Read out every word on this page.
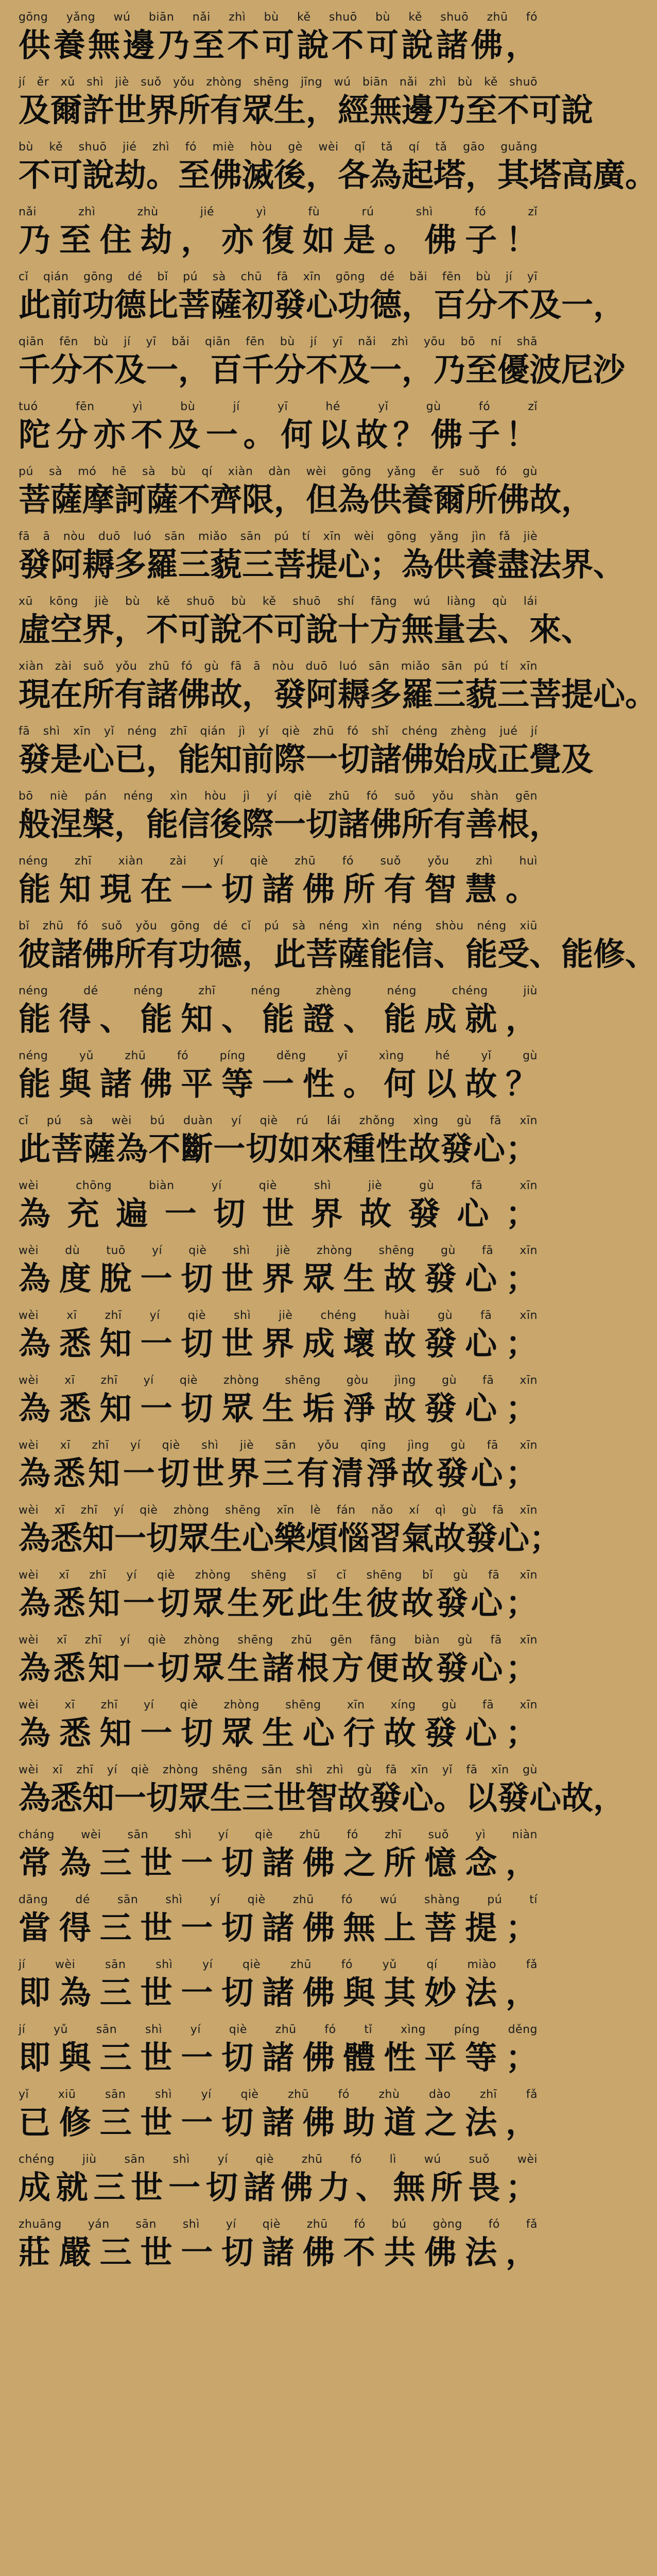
gōng yǎng wú biān nǎi zhì bù kě shuō bù kě shuō zhū fó
供養無邊乃至不可說不可說諸佛，
jí ěr xǔ shì jiè suǒ yǒu zhòng shēng jīng wú biān nǎi zhì bù kě shuō
及爾許世界所有眾生，經無邊乃至不可說
bù kě shuō jié zhì fó miè hòu gè wèi qǐ tǎ qí tǎ gāo guǎng
不可說劫。至佛滅後，各為起塔，其塔高廣。
nǎi zhì zhù jié yì fù rú shì fó zǐ
乃至住劫，亦復如是。佛子！
cǐ qián gōng dé bǐ pú sà chū fā xīn gōng dé bǎi fēn bù jí yī
此前功德比菩薩初發心功德，百分不及一，
qiān fēn bù jí yī bǎi qiān fēn bù jí yī nǎi zhì yōu bō ní shā
千分不及一，百千分不及一，乃至優波尼沙
tuó fēn yì bù jí yī hé yǐ gù fó zǐ
陀分亦不及一。何以故？佛子！
pú sà mó hē sà bù qí xiàn dàn wèi gōng yǎng ěr suǒ fó gù
菩薩摩訶薩不齊限，但為供養爾所佛故，
fā ā nòu duō luó sān miǎo sān pú tí xīn wèi gōng yǎng jìn fǎ jiè
發阿耨多羅三藐三菩提心；為供養盡法界、
xū kōng jiè bù kě shuō bù kě shuō shí fāng wú liàng qù lái
虛空界，不可說不可說十方無量去、來、
xiàn zài suǒ yǒu zhū fó gù fā ā nòu duō luó sān miǎo sān pú tí xīn
現在所有諸佛故，發阿耨多羅三藐三菩提心。
fā shì xīn yǐ néng zhī qián jì yí qiè zhū fó shǐ chéng zhèng jué jí
發是心已，能知前際一切諸佛始成正覺及
bō niè pán néng xìn hòu jì yí qiè zhū fó suǒ yǒu shàn gēn
般涅槃，能信後際一切諸佛所有善根，
néng zhī xiàn zài yí qiè zhū fó suǒ yǒu zhì huì
能知現在一切諸佛所有智慧。
bǐ zhū fó suǒ yǒu gōng dé cǐ pú sà néng xìn néng shòu néng xiū
彼諸佛所有功德，此菩薩能信、能受、能修、
néng dé néng zhī néng zhèng néng chéng jiù
能得、能知、能證、能成就，
néng yǔ zhū fó píng děng yī xìng hé yǐ gù
能與諸佛平等一性。何以故？
cǐ pú sà wèi bú duàn yí qiè rú lái zhǒng xìng gù fā xīn
此菩薩為不斷一切如來種性故發心；
wèi chōng biàn yí qiè shì jiè gù fā xīn
為充遍一切世界故發心；
wèi dù tuō yí qiè shì jiè zhòng shēng gù fā xīn
為度脫一切世界眾生故發心；
wèi xī zhī yí qiè shì jiè chéng huài gù fā xīn
為悉知一切世界成壞故發心；
wèi xī zhī yí qiè zhòng shēng gòu jìng gù fā xīn
為悉知一切眾生垢淨故發心；
wèi xī zhī yí qiè shì jiè sān yǒu qīng jìng gù fā xīn
為悉知一切世界三有清淨故發心；
wèi xī zhī yí qiè zhòng shēng xīn lè fán nǎo xí qì gù fā xīn
為悉知一切眾生心樂煩惱習氣故發心；
wèi xī zhī yí qiè zhòng shēng sǐ cǐ shēng bǐ gù fā xīn
為悉知一切眾生死此生彼故發心；
wèi xī zhī yí qiè zhòng shēng zhū gēn fāng biàn gù fā xīn
為悉知一切眾生諸根方便故發心；
wèi xī zhī yí qiè zhòng shēng xīn xíng gù fā xīn
為悉知一切眾生心行故發心；
wèi xī zhī yí qiè zhòng shēng sān shì zhì gù fā xīn yǐ fā xīn gù
為悉知一切眾生三世智故發心。以發心故，
cháng wèi sān shì yí qiè zhū fó zhī suǒ yì niàn
常為三世一切諸佛之所憶念，
dāng dé sān shì yí qiè zhū fó wú shàng pú tí
當得三世一切諸佛無上菩提；
jí wèi sān shì yí qiè zhū fó yǔ qí miào fǎ
即為三世一切諸佛與其妙法，
jí yǔ sān shì yí qiè zhū fó tǐ xìng píng děng
即與三世一切諸佛體性平等；
yǐ xiū sān shì yí qiè zhū fó zhù dào zhī fǎ
已修三世一切諸佛助道之法，
chéng jiù sān shì yí qiè zhū fó lì wú suǒ wèi
成就三世一切諸佛力、無所畏；
zhuāng yán sān shì yí qiè zhū fó bú gòng fó fǎ
莊嚴三世一切諸佛不共佛法，
